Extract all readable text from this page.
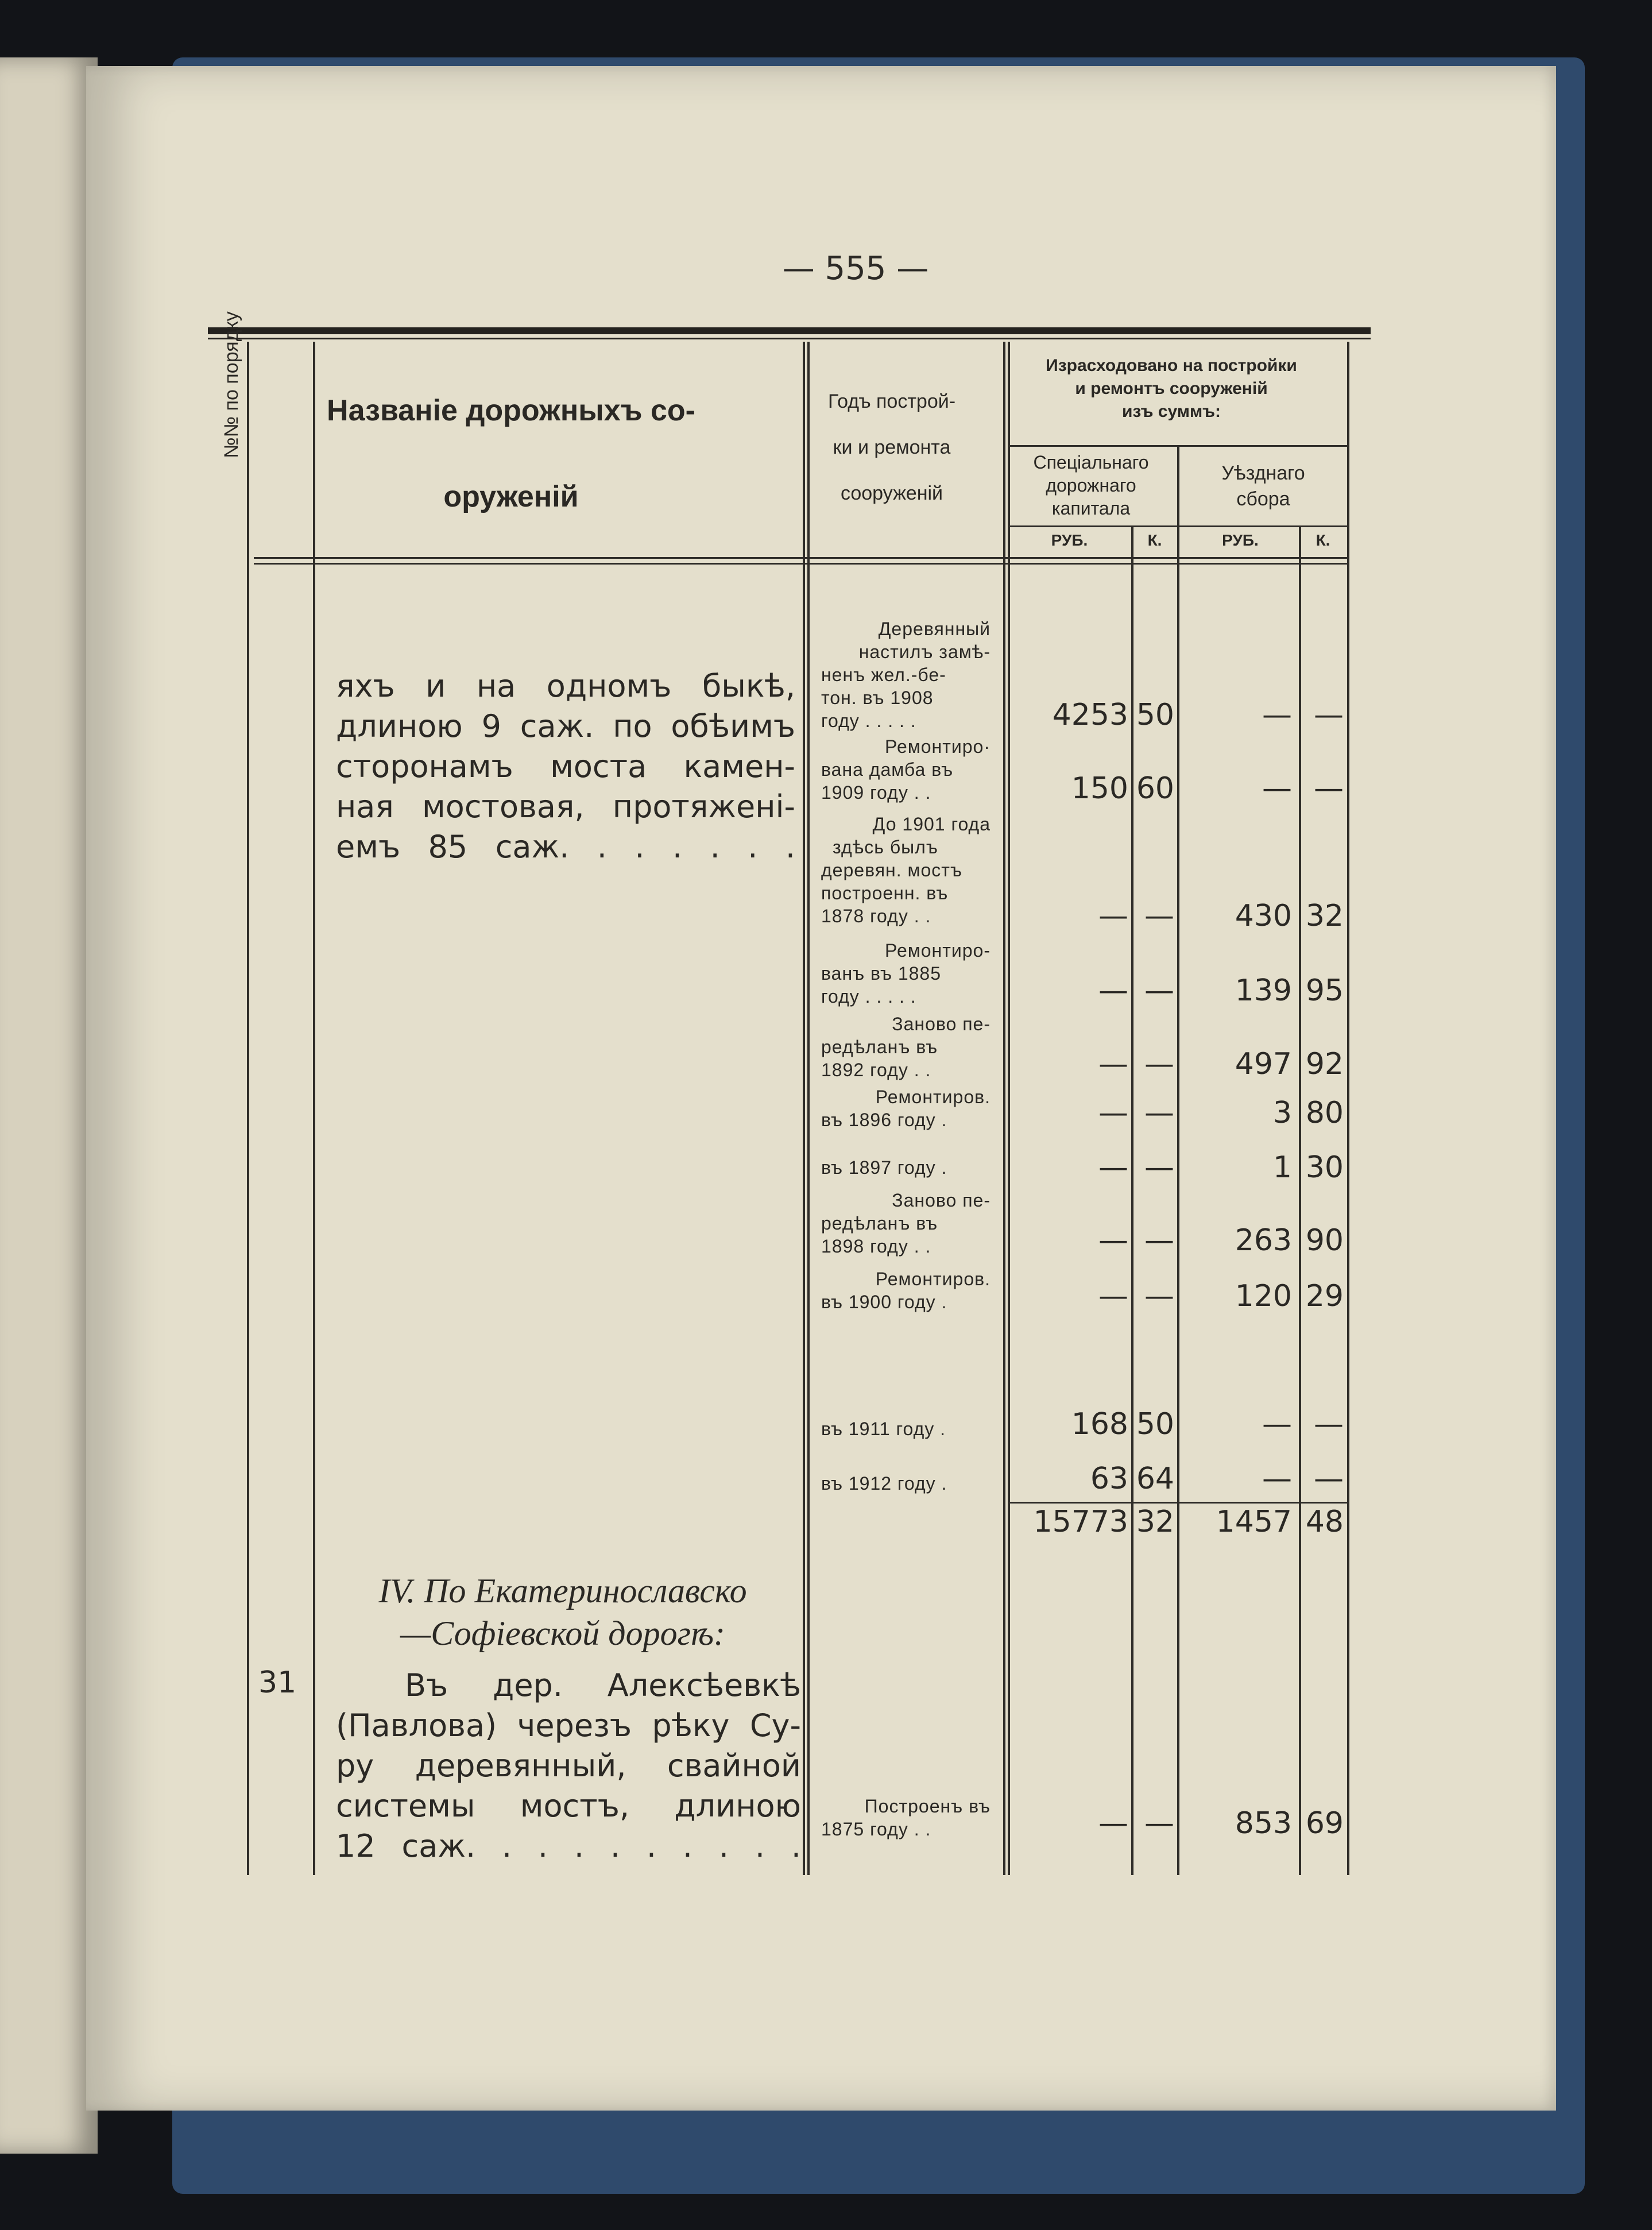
— 555 —
№№ по порядку	Названіе дорожныхъ со-
оруженій
Годъ построй-
ки и ремонта
сооруженій
Израсходовано на постройки
и ремонтъ сооруженій
изъ суммъ:
Спеціальнаго
дорожнаго
капитала
Уѣзднаго
сбора
РУБ.	К.	РУБ.	К.
яхъ и на одномъ быкѣ,
длиною 9 саж. по обѣимъ
сторонамъ моста камен-
ная мостовая, протяжені-
емъ 85 саж. . . . . . .
Деревянный
настилъ замѣ-
ненъ жел.-бе-
тон. въ 1908
году . . . . .	4253 50	— —
Ремонтиро·
вана дамба въ
1909 году . .	150 60	— —
До 1901 года
здѣсь былъ
деревян. мостъ
построенн. въ
1878 году . .	— —	430 32
Ремонтиро-
ванъ въ 1885
году . . . . .	— —	139 95
Заново пе-
редѣланъ въ
1892 году . .	— —	497 92
Ремонтиров.
въ 1896 году .	— —	3 80
въ 1897 году .	— —	1 30
Заново пе-
редѣланъ въ
1898 году . .	— —	263 90
Ремонтиров.
въ 1900 году .	— —	120 29
въ 1911 году .	168 50	— —
въ 1912 году .	63 64	— —
15773 32	1457 48
IV. По Екатеринославско
—Софіевской дорогѣ:
31	Въ дер. Алексѣевкѣ
(Павлова) черезъ рѣку Су-
ру деревянный, свайной
системы мостъ, длиною
12 саж. . . . . . . . . .
Построенъ въ
1875 году . .	— —	853 69
